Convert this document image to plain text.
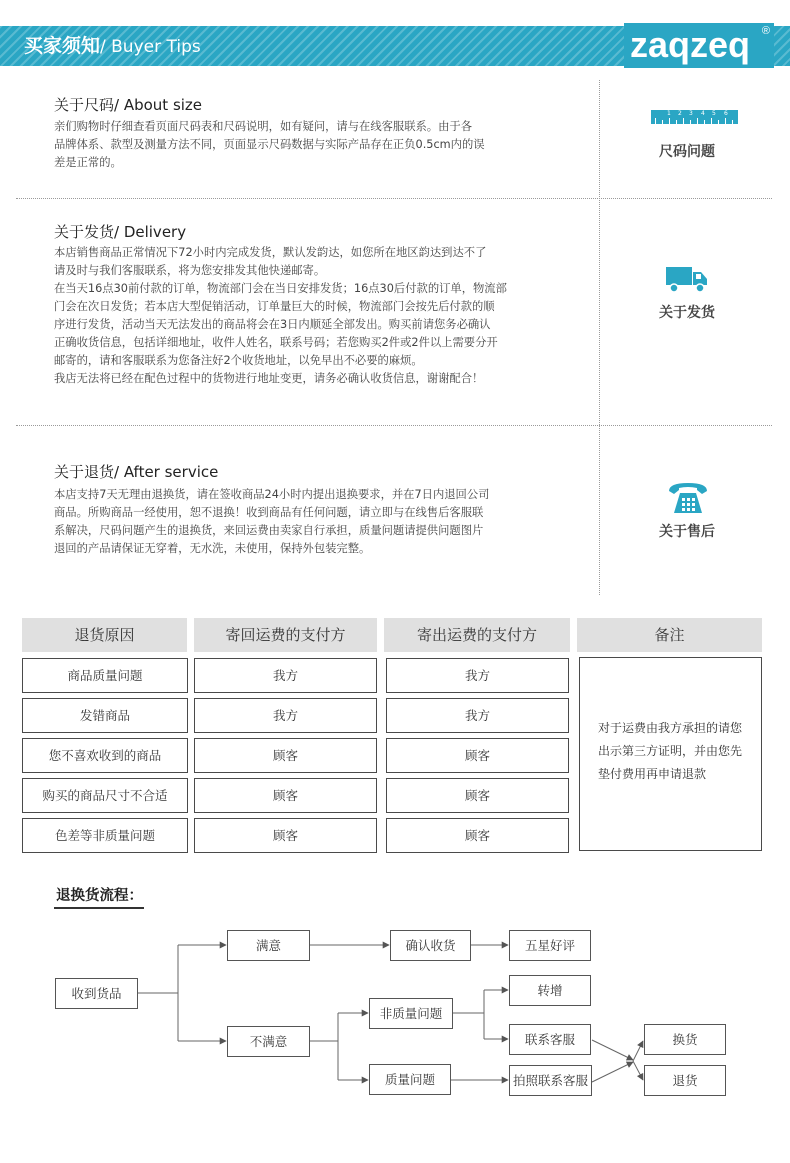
买家须知/ Buyer Tips	zaqzeq ®
关于尺码/ About size

亲们购物时仔细查看页面尺码表和尺码说明，如有疑问，请与在线客服联系。由于各

品牌体系、款型及测量方法不同，页面显示尺码数据与实际产品存在正负0.5cm内的误

差是正常的。

1 2 3 4 5 6
尺码问题
关于发货/ Delivery

本店销售商品正常情况下72小时内完成发货，默认发韵达，如您所在地区韵达到达不了

请及时与我们客服联系，将为您安排发其他快递邮寄。

在当天16点30前付款的订单，物流部门会在当日安排发货；16点30后付款的订单，物流部

门会在次日发货；若本店大型促销活动，订单量巨大的时候，物流部门会按先后付款的顺

序进行发货，活动当天无法发出的商品将会在3日内顺延全部发出。购买前请您务必确认

正确收货信息，包括详细地址，收件人姓名，联系号码；若您购买2件或2件以上需要分开

邮寄的，请和客服联系为您备注好2个收货地址，以免早出不必要的麻烦。

我店无法将已经在配色过程中的货物进行地址变更，请务必确认收货信息，谢谢配合！

关于发货
关于退货/ After service

本店支持7天无理由退换货，请在签收商品24小时内提出退换要求，并在7日内退回公司

商品。所购商品一经使用，恕不退换！收到商品有任何问题，请立即与在线售后客服联

系解决，尺码问题产生的退换货，来回运费由卖家自行承担，质量问题请提供问题图片

退回的产品请保证无穿着，无水洗，未使用，保持外包装完整。

关于售后
退货原因	寄回运费的支付方	寄出运费的支付方	备注
商品质量问题	我方	我方
发错商品	我方	我方
您不喜欢收到的商品	顾客	顾客
购买的商品尺寸不合适	顾客	顾客
色差等非质量问题	顾客	顾客
对于运费由我方承担的请您出示第三方证明，并由您先垫付费用再申请退款
退换货流程：
收到货品
满意	确认收货	五星好评
不满意
非质量问题
质量问题
转增
联系客服
拍照联系客服
换货
退货
